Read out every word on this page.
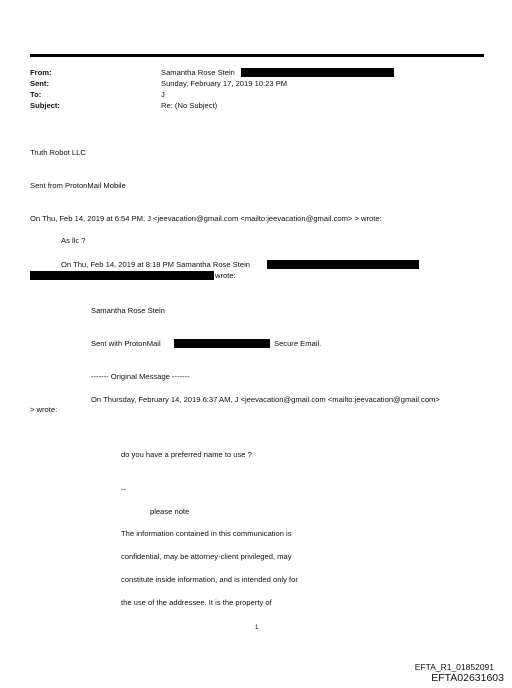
From:	Samantha Rose Stein
Sent:	Sunday, February 17, 2019 10:23 PM
To:	J
Subject:	Re: (No Subject)
Truth Robot LLC
Sent from ProtonMail Mobile
On Thu, Feb 14, 2019 at 6:54 PM, J <jeevacation@gmail.com <mailto:jeevacation@gmail.com> > wrote:
As llc ?
On Thu, Feb 14, 2019 at 8:18 PM Samantha Rose Stein
wrote:
Samantha Rose Stein
Sent with ProtonMail	Secure Email.
------- Original Message -------
On Thursday, February 14, 2019 6:37 AM, J <jeevacation@gmail.com <mailto:jeevacation@gmail.com>
> wrote:
do you have a preferred name to use ?
--
please note
The information contained in this communication is
confidential, may be attorney-client privileged, may
constitute inside information, and is intended only for
the use of the addressee. It is the property of
1
EFTA_R1_01852091
EFTA02631603
